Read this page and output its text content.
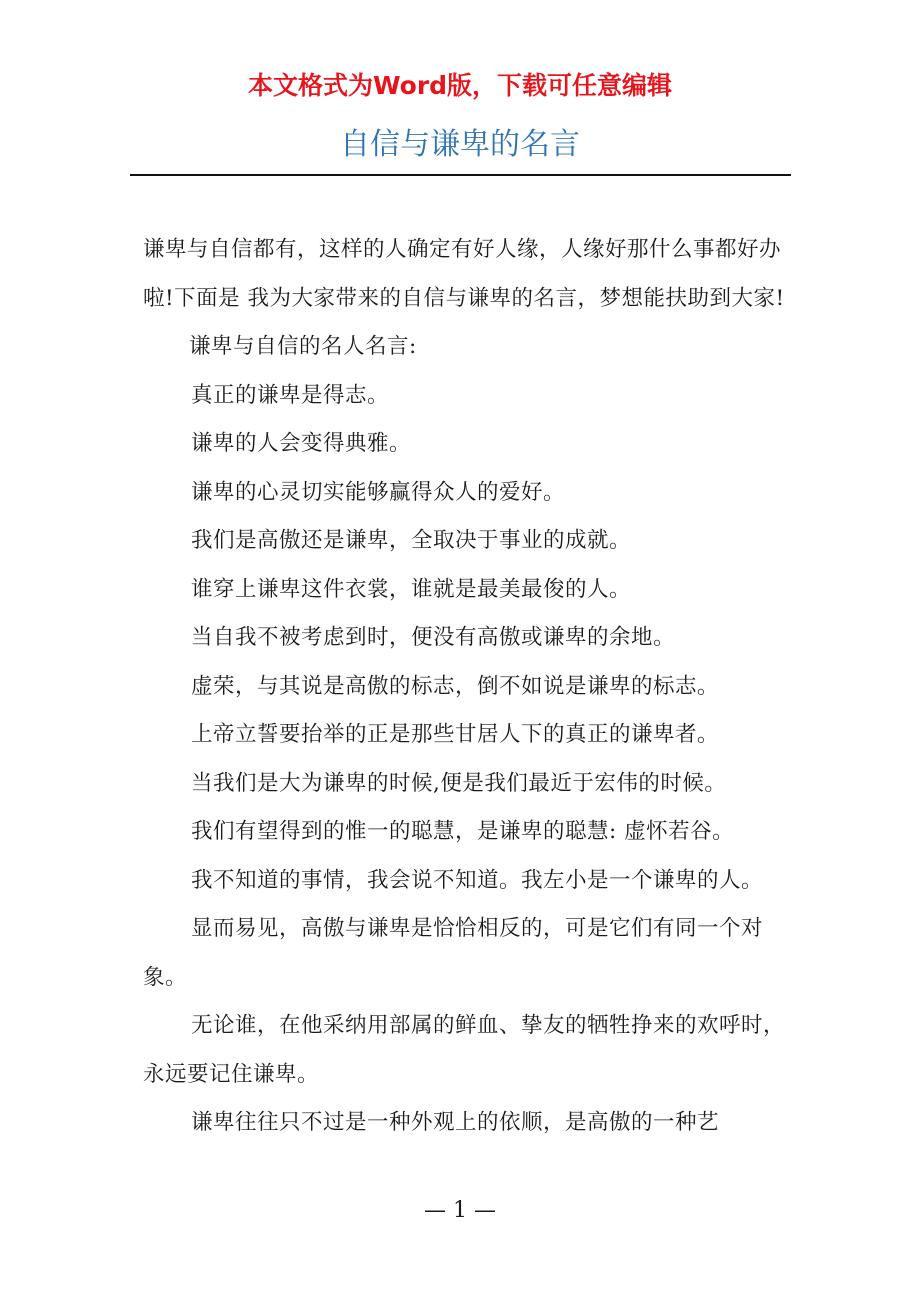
本文格式为Word版，下载可任意编辑
自信与谦卑的名言

谦卑与自信都有，这样的人确定有好人缘，人缘好那什么事都好办啦!下面是 我为大家带来的自信与谦卑的名言，梦想能扶助到大家!谦卑与自信的名人名言:

真正的谦卑是得志。

谦卑的人会变得典雅。

谦卑的心灵切实能够赢得众人的爱好。

我们是高傲还是谦卑，全取决于事业的成就。

谁穿上谦卑这件衣裳，谁就是最美最俊的人。

当自我不被考虑到时，便没有高傲或谦卑的余地。

虚荣，与其说是高傲的标志，倒不如说是谦卑的标志。

上帝立誓要抬举的正是那些甘居人下的真正的谦卑者。

当我们是大为谦卑的时候,便是我们最近于宏伟的时候。

我们有望得到的惟一的聪慧，是谦卑的聪慧: 虚怀若谷。

我不知道的事情，我会说不知道。我左小是一个谦卑的人。

显而易见，高傲与谦卑是恰恰相反的，可是它们有同一个对象。

无论谁，在他采纳用部属的鲜血、挚友的牺牲挣来的欢呼时，永远要记住谦卑。

谦卑往往只不过是一种外观上的依顺，是高傲的一种艺

— 1 —
